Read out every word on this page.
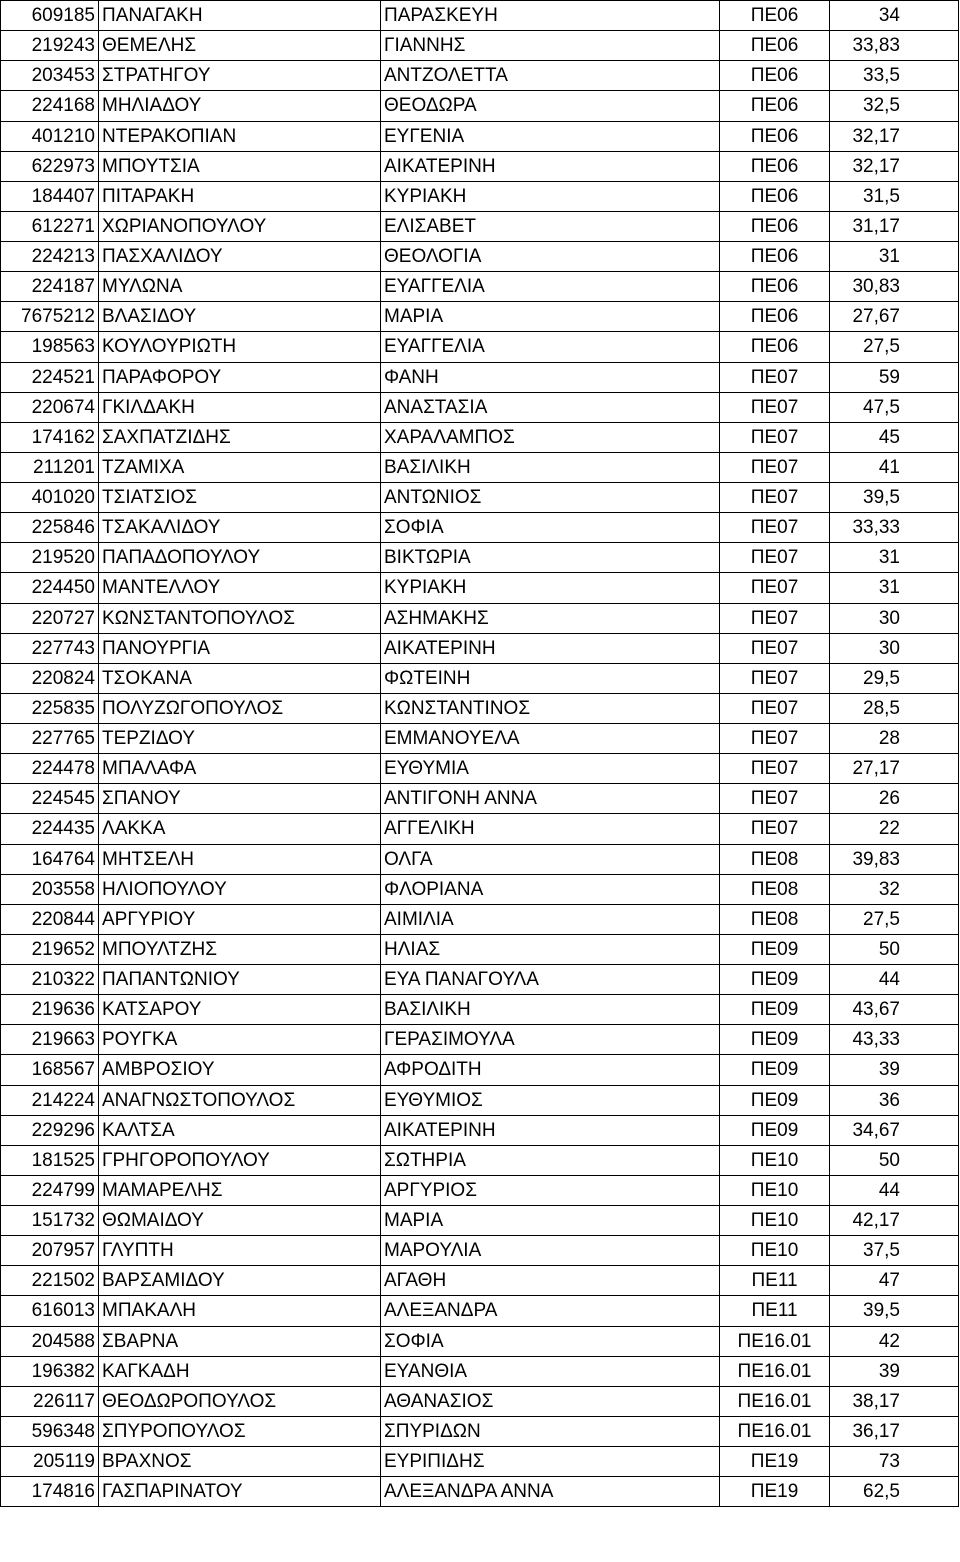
609185	ΠΑΝΑΓΑΚΗ	ΠΑΡΑΣΚΕΥΗ	ΠΕ06	34
219243	ΘΕΜΕΛΗΣ	ΓΙΑΝΝΗΣ	ΠΕ06	33,83
203453	ΣΤΡΑΤΗΓΟΥ	ΑΝΤΖΟΛΕΤΤΑ	ΠΕ06	33,5
224168	ΜΗΛΙΑΔΟΥ	ΘΕΟΔΩΡΑ	ΠΕ06	32,5
401210	ΝΤΕΡΑΚΟΠΙΑΝ	ΕΥΓΕΝΙΑ	ΠΕ06	32,17
622973	ΜΠΟΥΤΣΙΑ	ΑΙΚΑΤΕΡΙΝΗ	ΠΕ06	32,17
184407	ΠΙΤΑΡΑΚΗ	ΚΥΡΙΑΚΗ	ΠΕ06	31,5
612271	ΧΩΡΙΑΝΟΠΟΥΛΟΥ	ΕΛΙΣΑΒΕΤ	ΠΕ06	31,17
224213	ΠΑΣΧΑΛΙΔΟΥ	ΘΕΟΛΟΓΙΑ	ΠΕ06	31
224187	ΜΥΛΩΝΑ	ΕΥΑΓΓΕΛΙΑ	ΠΕ06	30,83
7675212	ΒΛΑΣΙΔΟΥ	ΜΑΡΙΑ	ΠΕ06	27,67
198563	ΚΟΥΛΟΥΡΙΩΤΗ	ΕΥΑΓΓΕΛΙΑ	ΠΕ06	27,5
224521	ΠΑΡΑΦΟΡΟΥ	ΦΑΝΗ	ΠΕ07	59
220674	ΓΚΙΛΔΑΚΗ	ΑΝΑΣΤΑΣΙΑ	ΠΕ07	47,5
174162	ΣΑΧΠΑΤΖΙΔΗΣ	ΧΑΡΑΛΑΜΠΟΣ	ΠΕ07	45
211201	ΤΖΑΜΙΧΑ	ΒΑΣΙΛΙΚΗ	ΠΕ07	41
401020	ΤΣΙΑΤΣΙΟΣ	ΑΝΤΩΝΙΟΣ	ΠΕ07	39,5
225846	ΤΣΑΚΑΛΙΔΟΥ	ΣΟΦΙΑ	ΠΕ07	33,33
219520	ΠΑΠΑΔΟΠΟΥΛΟΥ	ΒΙΚΤΩΡΙΑ	ΠΕ07	31
224450	ΜΑΝΤΕΛΛΟΥ	ΚΥΡΙΑΚΗ	ΠΕ07	31
220727	ΚΩΝΣΤΑΝΤΟΠΟΥΛΟΣ	ΑΣΗΜΑΚΗΣ	ΠΕ07	30
227743	ΠΑΝΟΥΡΓΙΑ	ΑΙΚΑΤΕΡΙΝΗ	ΠΕ07	30
220824	ΤΣΟΚΑΝΑ	ΦΩΤΕΙΝΗ	ΠΕ07	29,5
225835	ΠΟΛΥΖΩΓΟΠΟΥΛΟΣ	ΚΩΝΣΤΑΝΤΙΝΟΣ	ΠΕ07	28,5
227765	ΤΕΡΖΙΔΟΥ	ΕΜΜΑΝΟΥΕΛΑ	ΠΕ07	28
224478	ΜΠΑΛΑΦΑ	ΕΥΘΥΜΙΑ	ΠΕ07	27,17
224545	ΣΠΑΝΟΥ	ΑΝΤΙΓΟΝΗ ΑΝΝΑ	ΠΕ07	26
224435	ΛΑΚΚΑ	ΑΓΓΕΛΙΚΗ	ΠΕ07	22
164764	ΜΗΤΣΕΛΗ	ΟΛΓΑ	ΠΕ08	39,83
203558	ΗΛΙΟΠΟΥΛΟΥ	ΦΛΟΡΙΑΝΑ	ΠΕ08	32
220844	ΑΡΓΥΡΙΟΥ	ΑΙΜΙΛΙΑ	ΠΕ08	27,5
219652	ΜΠΟΥΛΤΖΗΣ	ΗΛΙΑΣ	ΠΕ09	50
210322	ΠΑΠΑΝΤΩΝΙΟΥ	ΕΥΑ ΠΑΝΑΓΟΥΛΑ	ΠΕ09	44
219636	ΚΑΤΣΑΡΟΥ	ΒΑΣΙΛΙΚΗ	ΠΕ09	43,67
219663	ΡΟΥΓΚΑ	ΓΕΡΑΣΙΜΟΥΛΑ	ΠΕ09	43,33
168567	ΑΜΒΡΟΣΙΟΥ	ΑΦΡΟΔΙΤΗ	ΠΕ09	39
214224	ΑΝΑΓΝΩΣΤΟΠΟΥΛΟΣ	ΕΥΘΥΜΙΟΣ	ΠΕ09	36
229296	ΚΑΛΤΣΑ	ΑΙΚΑΤΕΡΙΝΗ	ΠΕ09	34,67
181525	ΓΡΗΓΟΡΟΠΟΥΛΟΥ	ΣΩΤΗΡΙΑ	ΠΕ10	50
224799	ΜΑΜΑΡΕΛΗΣ	ΑΡΓΥΡΙΟΣ	ΠΕ10	44
151732	ΘΩΜΑΙΔΟΥ	ΜΑΡΙΑ	ΠΕ10	42,17
207957	ΓΛΥΠΤΗ	ΜΑΡΟΥΛΙΑ	ΠΕ10	37,5
221502	ΒΑΡΣΑΜΙΔΟΥ	ΑΓΑΘΗ	ΠΕ11	47
616013	ΜΠΑΚΑΛΗ	ΑΛΕΞΑΝΔΡΑ	ΠΕ11	39,5
204588	ΣΒΑΡΝΑ	ΣΟΦΙΑ	ΠΕ16.01	42
196382	ΚΑΓΚΑΔΗ	ΕΥΑΝΘΙΑ	ΠΕ16.01	39
226117	ΘΕΟΔΩΡΟΠΟΥΛΟΣ	ΑΘΑΝΑΣΙΟΣ	ΠΕ16.01	38,17
596348	ΣΠΥΡΟΠΟΥΛΟΣ	ΣΠΥΡΙΔΩΝ	ΠΕ16.01	36,17
205119	ΒΡΑΧΝΟΣ	ΕΥΡΙΠΙΔΗΣ	ΠΕ19	73
174816	ΓΑΣΠΑΡΙΝΑΤΟΥ	ΑΛΕΞΑΝΔΡΑ ΑΝΝΑ	ΠΕ19	62,5
